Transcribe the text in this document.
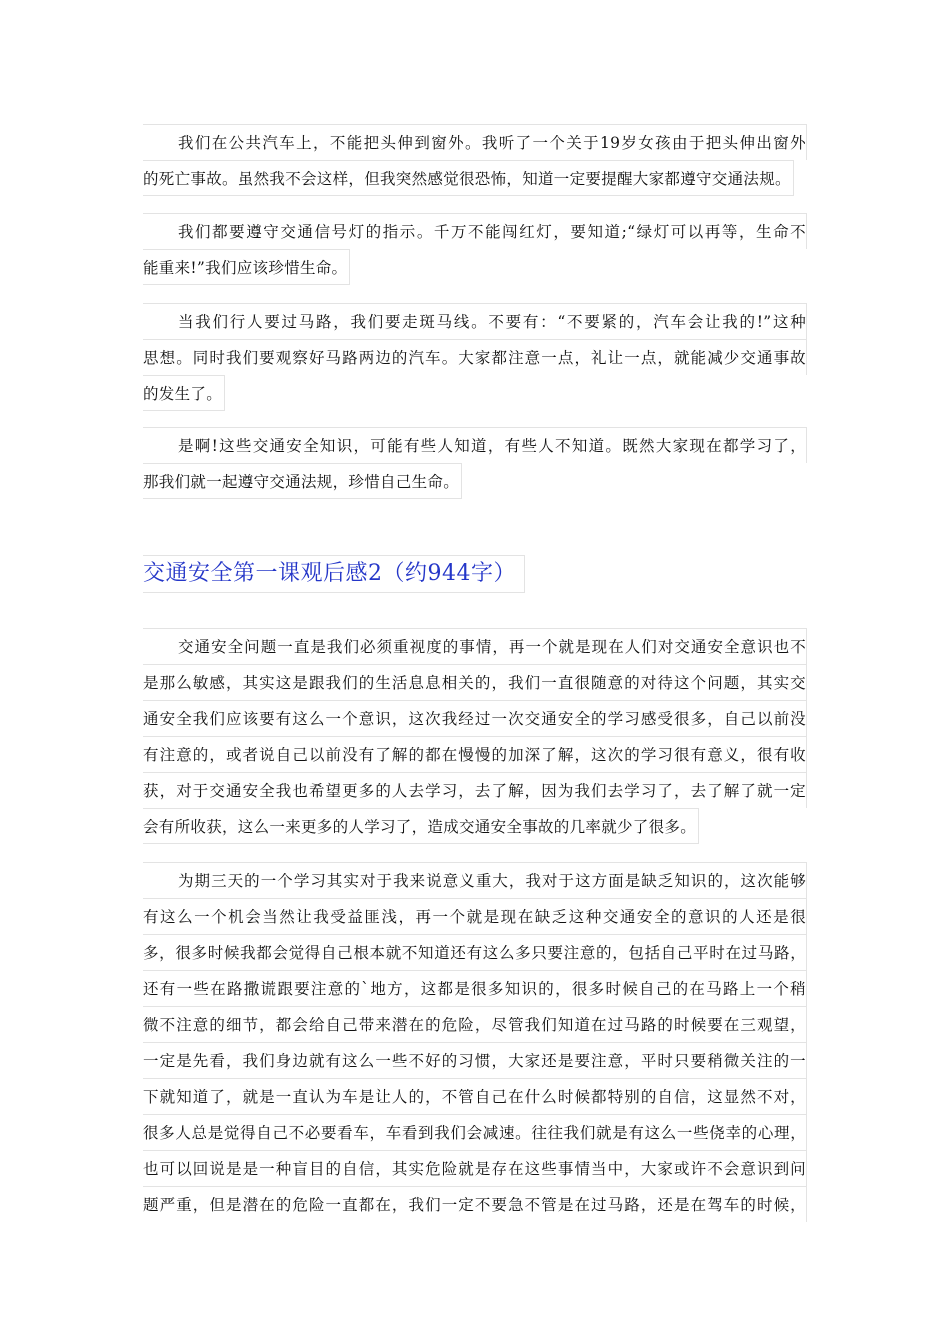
我们在公共汽车上，不能把头伸到窗外。我听了一个关于19岁女孩由于把头伸出窗外
的死亡事故。虽然我不会这样，但我突然感觉很恐怖，知道一定要提醒大家都遵守交通法规。
我们都要遵守交通信号灯的指示。千万不能闯红灯，要知道;“绿灯可以再等，生命不
能重来!”我们应该珍惜生命。
当我们行人要过马路，我们要走斑马线。不要有：“不要紧的，汽车会让我的!”这种
思想。同时我们要观察好马路两边的汽车。大家都注意一点，礼让一点，就能减少交通事故
的发生了。
是啊!这些交通安全知识，可能有些人知道，有些人不知道。既然大家现在都学习了，
那我们就一起遵守交通法规，珍惜自己生命。
交通安全第一课观后感2（约944字）
交通安全问题一直是我们必须重视度的事情，再一个就是现在人们对交通安全意识也不
是那么敏感，其实这是跟我们的生活息息相关的，我们一直很随意的对待这个问题，其实交
通安全我们应该要有这么一个意识，这次我经过一次交通安全的学习感受很多，自己以前没
有注意的，或者说自己以前没有了解的都在慢慢的加深了解，这次的学习很有意义，很有收
获，对于交通安全我也希望更多的人去学习，去了解，因为我们去学习了，去了解了就一定
会有所收获，这么一来更多的人学习了，造成交通安全事故的几率就少了很多。
为期三天的一个学习其实对于我来说意义重大，我对于这方面是缺乏知识的，这次能够
有这么一个机会当然让我受益匪浅，再一个就是现在缺乏这种交通安全的意识的人还是很
多，很多时候我都会觉得自己根本就不知道还有这么多只要注意的，包括自己平时在过马路，
还有一些在路撒谎跟要注意的`地方，这都是很多知识的，很多时候自己的在马路上一个稍
微不注意的细节，都会给自己带来潜在的危险，尽管我们知道在过马路的时候要在三观望，
一定是先看，我们身边就有这么一些不好的习惯，大家还是要注意，平时只要稍微关注的一
下就知道了，就是一直认为车是让人的，不管自己在什么时候都特别的自信，这显然不对，
很多人总是觉得自己不必要看车，车看到我们会减速。往往我们就是有这么一些侥幸的心理，
也可以回说是是一种盲目的自信，其实危险就是存在这些事情当中，大家或许不会意识到问
题严重，但是潜在的危险一直都在，我们一定不要急不管是在过马路，还是在驾车的时候，
